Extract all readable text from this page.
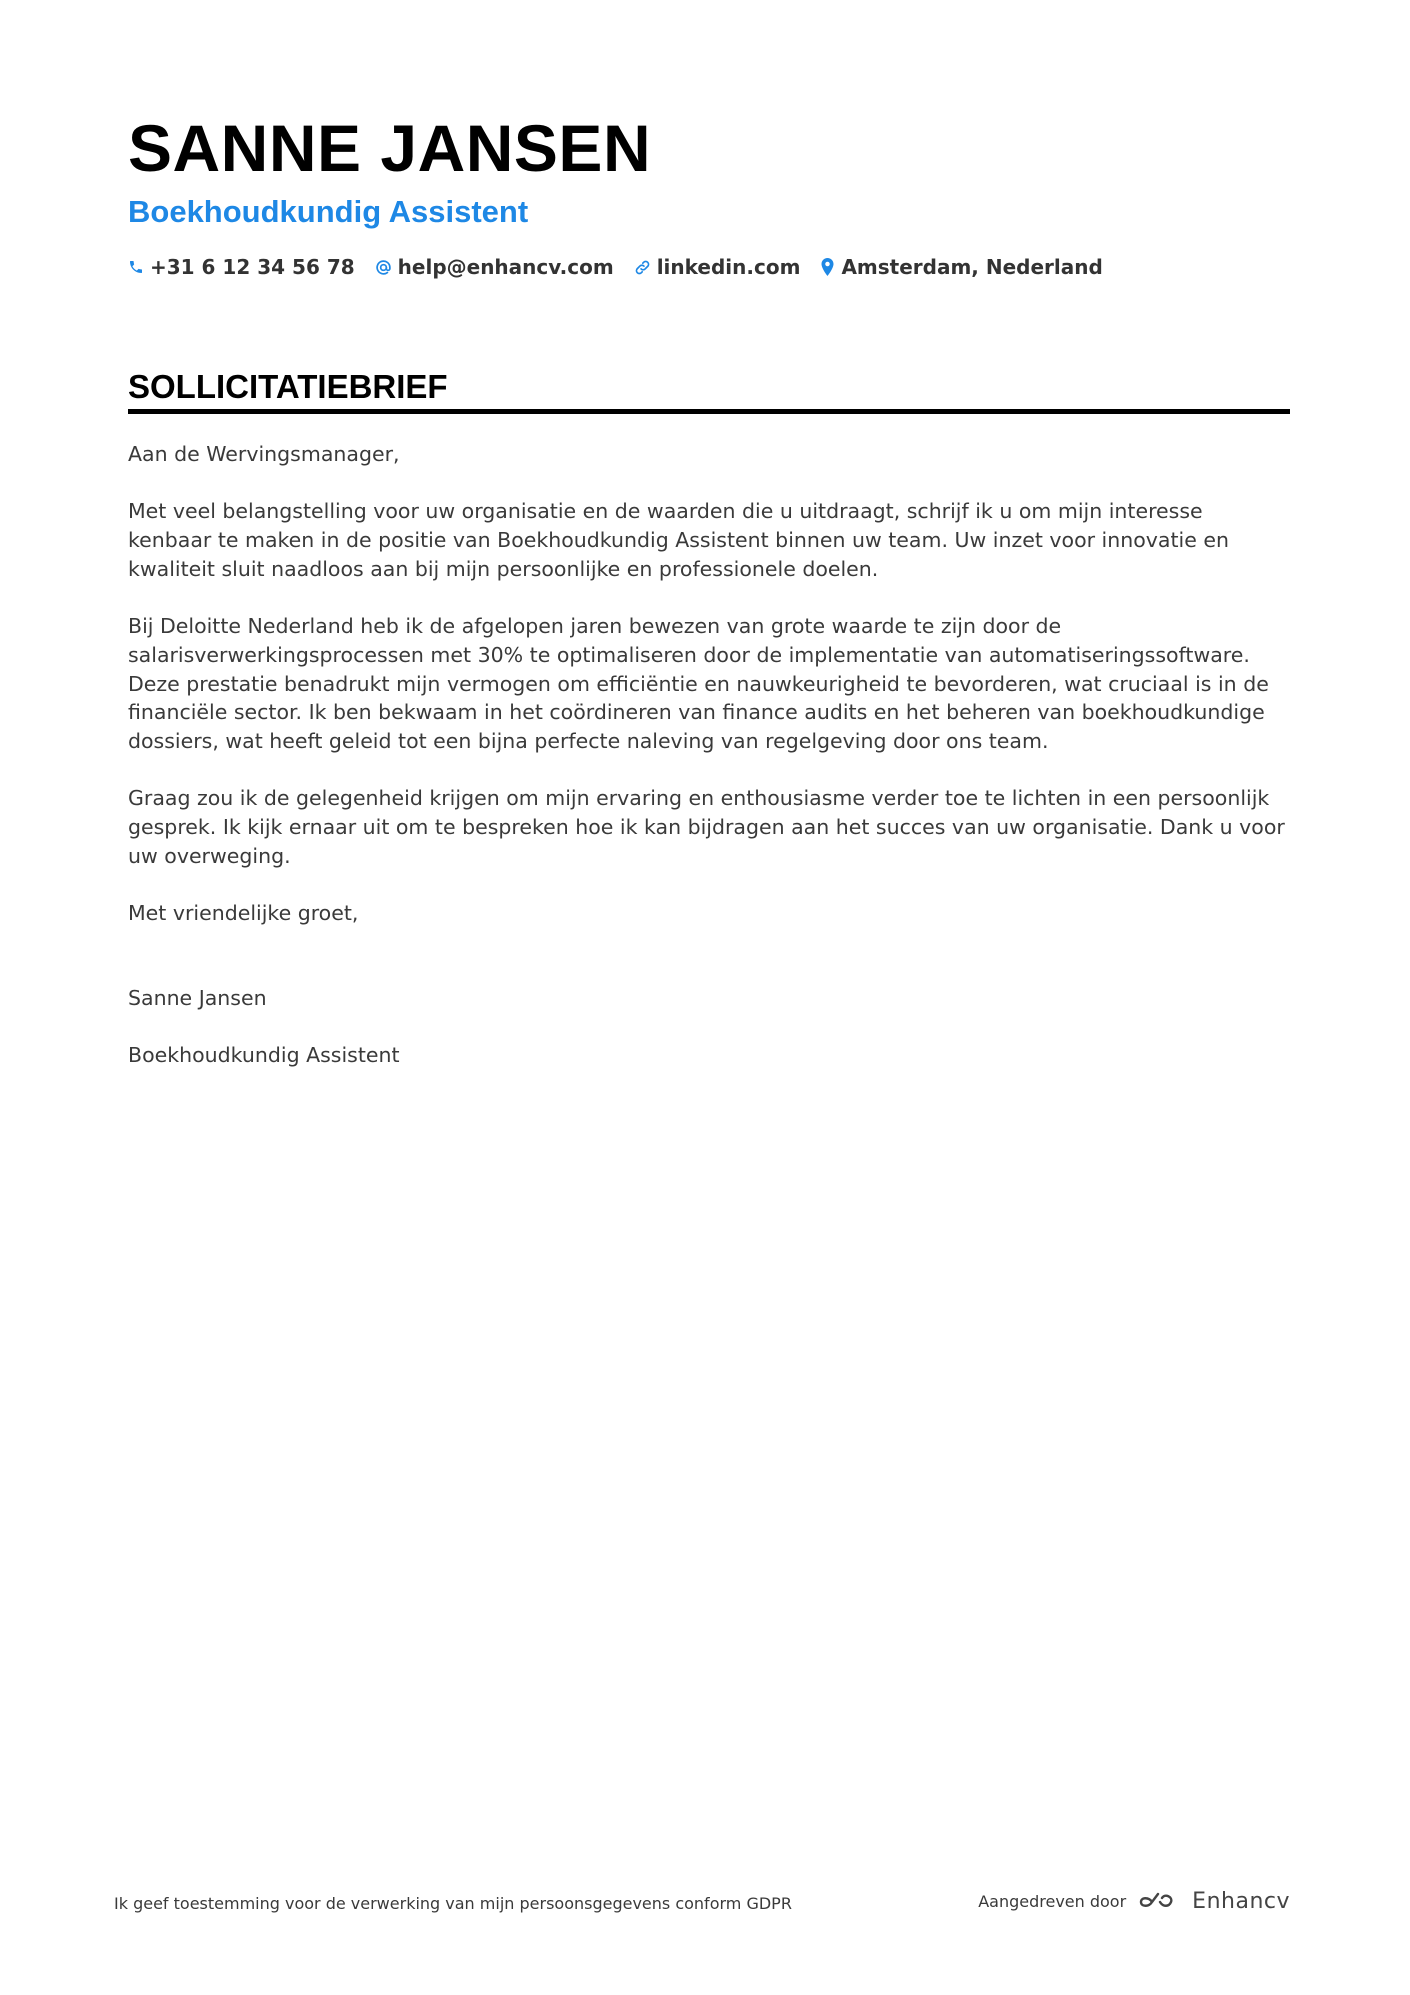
SANNE JANSEN
Boekhoudkundig Assistent
+31 6 12 34 56 78 help@enhancv.com linkedin.com Amsterdam, Nederland
SOLLICITATIEBRIEF

Aan de Wervingsmanager,

Met veel belangstelling voor uw organisatie en de waarden die u uitdraagt, schrijf ik u om mijn interesse kenbaar te maken in de positie van Boekhoudkundig Assistent binnen uw team. Uw inzet voor innovatie en kwaliteit sluit naadloos aan bij mijn persoonlijke en professionele doelen.

Bij Deloitte Nederland heb ik de afgelopen jaren bewezen van grote waarde te zijn door de salarisverwerkingsprocessen met 30% te optimaliseren door de implementatie van automatiseringssoftware. Deze prestatie benadrukt mijn vermogen om efficiëntie en nauwkeurigheid te bevorderen, wat cruciaal is in de financiële sector. Ik ben bekwaam in het coördineren van finance audits en het beheren van boekhoudkundige dossiers, wat heeft geleid tot een bijna perfecte naleving van regelgeving door ons team.

Graag zou ik de gelegenheid krijgen om mijn ervaring en enthousiasme verder toe te lichten in een persoonlijk gesprek. Ik kijk ernaar uit om te bespreken hoe ik kan bijdragen aan het succes van uw organisatie. Dank u voor uw overweging.

Met vriendelijke groet,

Sanne Jansen

Boekhoudkundig Assistent

Ik geef toestemming voor de verwerking van mijn persoonsgegevens conform GDPR	Aangedreven door	Enhancv
